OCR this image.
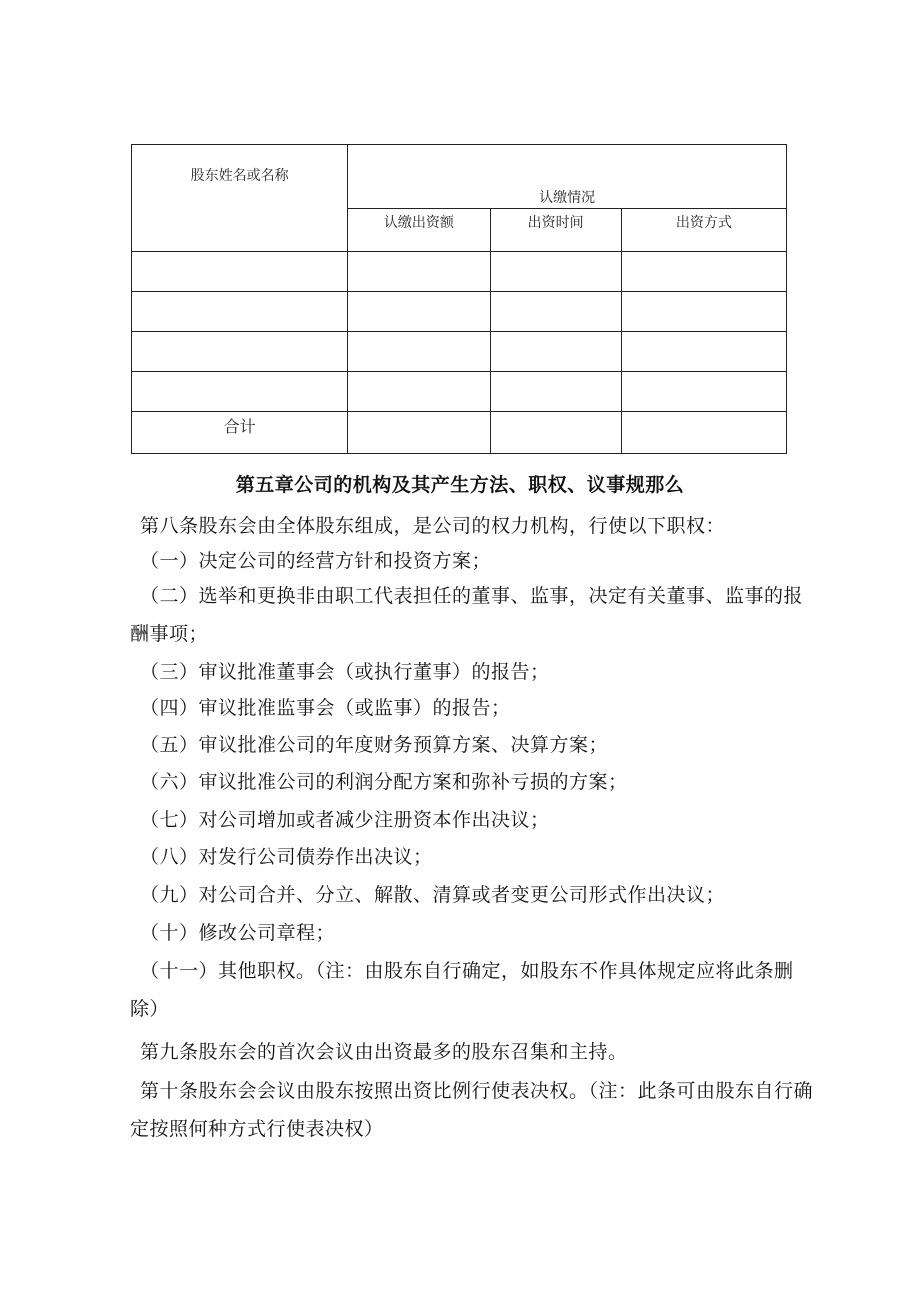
股东姓名或名称	认缴情况		

	认缴出资额	出资时间	出资方式

合计			
第五章公司的机构及其产生方法、职权、议事规那么
第八条股东会由全体股东组成，是公司的权力机构，行使以下职权：
（一）决定公司的经营方针和投资方案；
（二）选举和更换非由职工代表担任的董事、监事，决定有关董事、监事的报酬事项；
（三）审议批准董事会（或执行董事）的报告；
（四）审议批准监事会（或监事）的报告；
（五）审议批准公司的年度财务预算方案、决算方案；
（六）审议批准公司的利润分配方案和弥补亏损的方案；
（七）对公司增加或者减少注册资本作出决议；
（八）对发行公司债券作出决议；
（九）对公司合并、分立、解散、清算或者变更公司形式作出决议；
（十）修改公司章程；
（十一）其他职权。（注：由股东自行确定，如股东不作具体规定应将此条删除）
第九条股东会的首次会议由出资最多的股东召集和主持。
第十条股东会会议由股东按照出资比例行使表决权。（注：此条可由股东自行确定按照何种方式行使表决权）
